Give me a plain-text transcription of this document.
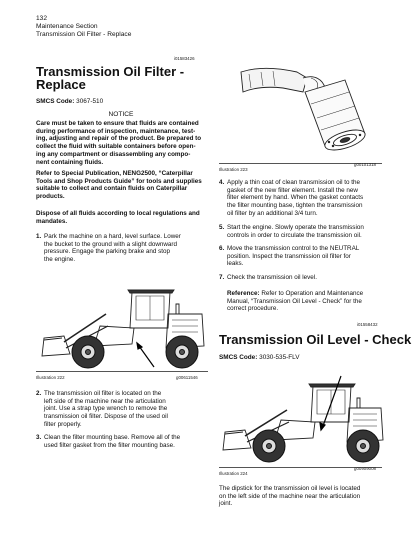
132
Maintenance Section
Transmission Oil Filter - Replace
i01583426
Transmission Oil Filter -
Replace
SMCS Code: 3067-510
NOTICE
Care must be taken to ensure that fluids are contained
during performance of inspection, maintenance, test-
ing, adjusting and repair of the product. Be prepared to
collect the fluid with suitable containers before open-
ing any compartment or disassembling any compo-
nent containing fluids.
Refer to Special Publication, NENG2500, “Caterpillar
Tools and Shop Products Guide” for tools and supplies
suitable to collect and contain fluids on Caterpillar
products.
Dispose of all fluids according to local regulations and
mandates.
1. Park the machine on a hard, level surface. Lower
the bucket to the ground with a slight downward
pressure. Engage the parking brake and stop
the engine.
Illustration 222	g00611546
2. The transmission oil filter is located on the
left side of the machine near the articulation
joint. Use a strap type wrench to remove the
transmission oil filter. Dispose of the used oil
filter properly.
3. Clean the filter mounting base. Remove all of the
used filter gasket from the filter mounting base.
Illustration 223
g00101318
4. Apply a thin coat of clean transmission oil to the
gasket of the new filter element. Install the new
filter element by hand. When the gasket contacts
the filter mounting base, tighten the transmission
oil filter by an additional 3/4 turn.
5. Start the engine. Slowly operate the transmission
controls in order to circulate the transmission oil.
6. Move the transmission control to the NEUTRAL
position. Inspect the transmission oil filter for
leaks.
7. Check the transmission oil level.
Reference: Refer to Operation and Maintenance
Manual, “Transmission Oil Level - Check” for the
correct procedure.
i01558432
Transmission Oil Level - Check
SMCS Code: 3030-535-FLV
Illustration 224
g00909008
The dipstick for the transmission oil level is located
on the left side of the machine near the articulation
joint.
